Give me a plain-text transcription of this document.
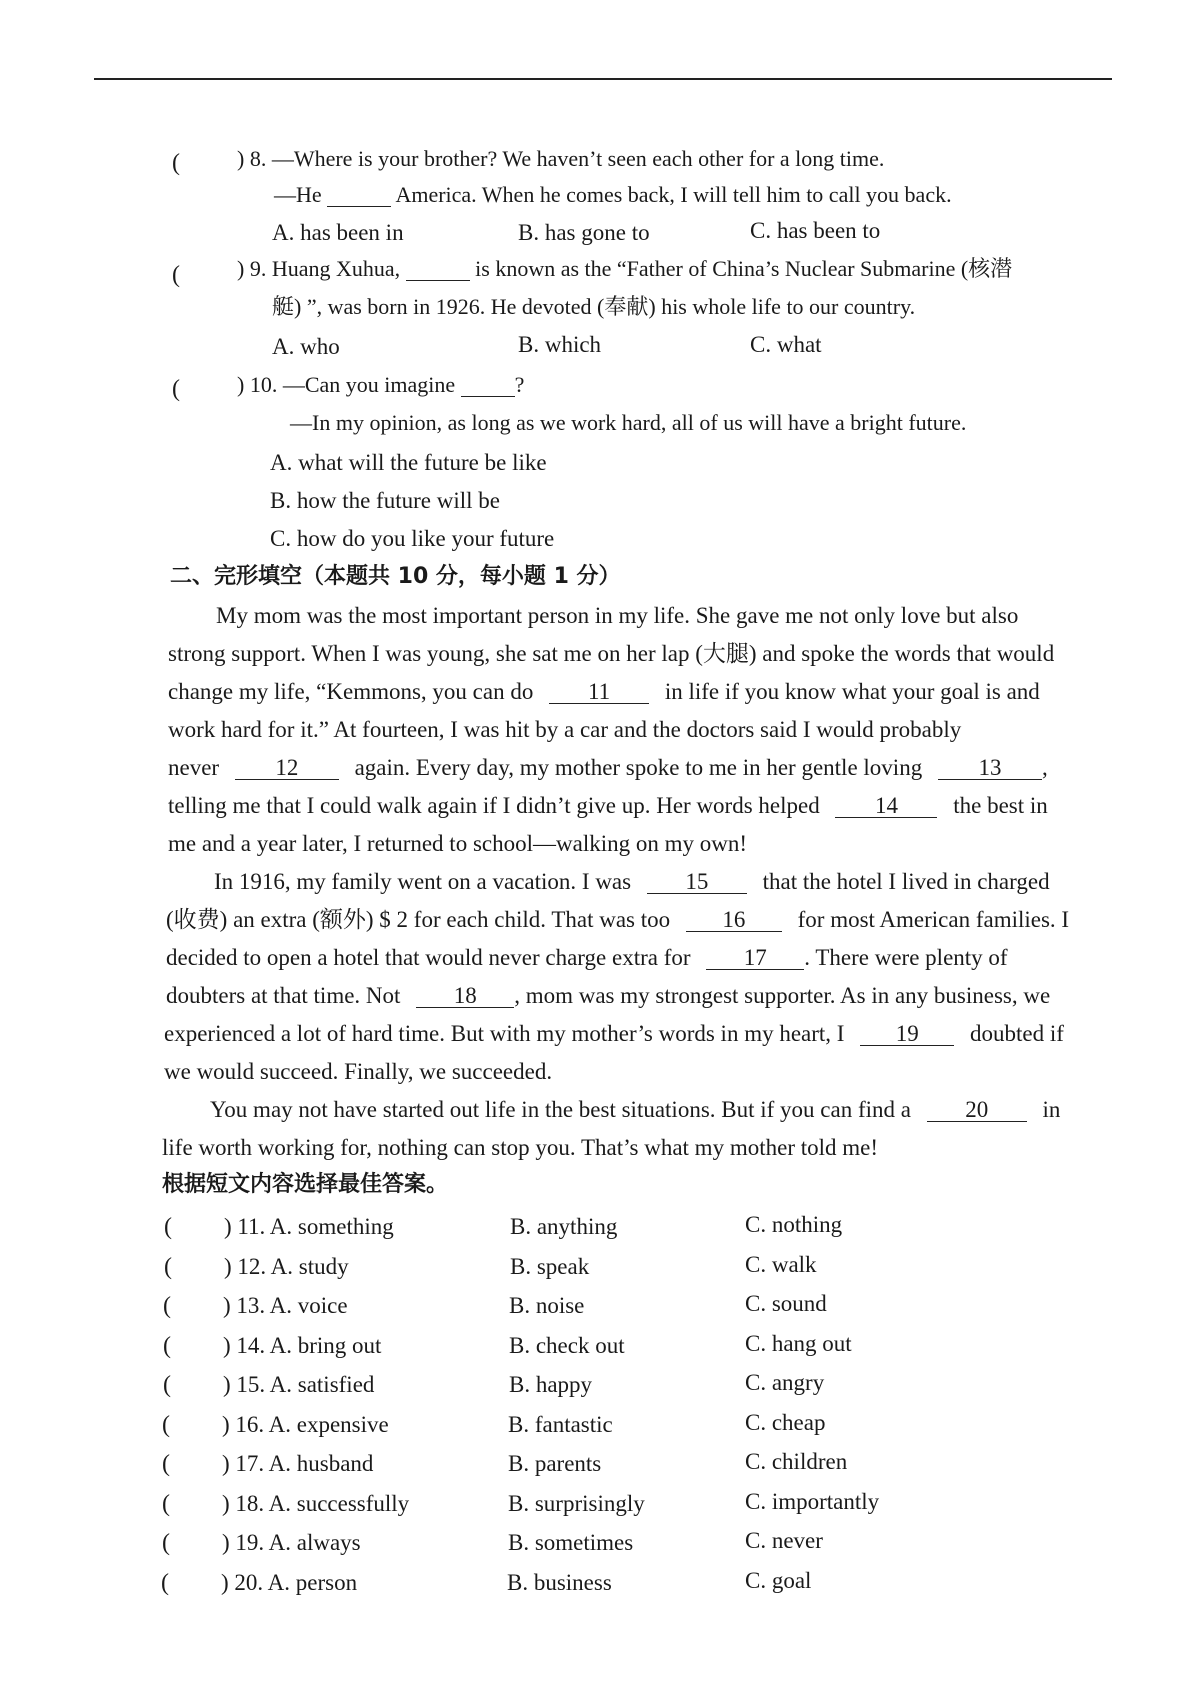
(	) 8. —Where is your brother? We haven’t seen each other for a long time.
—He	America. When he comes back, I will tell him to call you back.
A. has been in	B. has gone to	C. has been to
(	) 9. Huang Xuhua,	is known as the “Father of China’s Nuclear Submarine (核潜
艇) ”, was born in 1926. He devoted (奉献) his whole life to our country.
A. who	B. which	C. what
(	) 10. —Can you imagine	?
—In my opinion, as long as we work hard, all of us will have a bright future.
A. what will the future be like
B. how the future will be
C. how do you like your future
二、完形填空（本题共 10 分，每小题 1 分）
My mom was the most important person in my life. She gave me not only love but also
strong support. When I was young, she sat me on her lap (大腿) and spoke the words that would
change my life, “Kemmons, you can do 11 in life if you know what your goal is and
work hard for it.” At fourteen, I was hit by a car and the doctors said I would probably
never 12 again. Every day, my mother spoke to me in her gentle loving 13 ,
telling me that I could walk again if I didn’t give up. Her words helped 14 the best in
me and a year later, I returned to school—walking on my own!
In 1916, my family went on a vacation. I was 15 that the hotel I lived in charged
(收费) an extra (额外) $ 2 for each child. That was too 16 for most American families. I
decided to open a hotel that would never charge extra for 17 . There were plenty of
doubters at that time. Not 18 , mom was my strongest supporter. As in any business, we
experienced a lot of hard time. But with my mother’s words in my heart, I 19 doubted if
we would succeed. Finally, we succeeded.
You may not have started out life in the best situations. But if you can find a 20 in
life worth working for, nothing can stop you. That’s what my mother told me!
根据短文内容选择最佳答案。
( ) 11. A. something	B. anything	C. nothing
( ) 12. A. study	B. speak	C. walk
( ) 13. A. voice	B. noise	C. sound
( ) 14. A. bring out	B. check out	C. hang out
( ) 15. A. satisfied	B. happy	C. angry
( ) 16. A. expensive	B. fantastic	C. cheap
( ) 17. A. husband	B. parents	C. children
( ) 18. A. successfully	B. surprisingly	C. importantly
( ) 19. A. always	B. sometimes	C. never
( ) 20. A. person	B. business	C. goal
